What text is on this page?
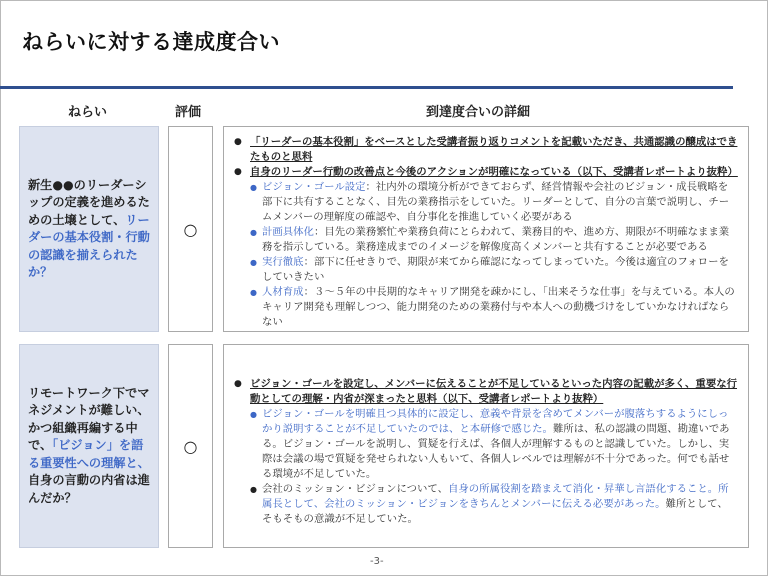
ねらいに対する達成度合い
ねらい	評価	到達度合いの詳細
新生●●のリーダーシップの定義を進めるための土壌として、リーダーの基本役割・行動の認識を揃えられたか？
○
● 「リーダーの基本役割」をベースとした受講者振り返りコメントを記載いただき、共通認識の醸成はできたものと思料
● 自身のリーダー行動の改善点と今後のアクションが明確になっている（以下、受講者レポートより抜粋）
● ビジョン・ゴール設定：社内外の環境分析ができておらず、経営情報や会社のビジョン・成長戦略を部下に共有することなく、目先の業務指示をしていた。リーダーとして、自分の言葉で説明し、チームメンバーの理解度の確認や、自分事化を推進していく必要がある
● 計画具体化：目先の業務繁忙や業務負荷にとらわれて、業務目的や、進め方、期限が不明確なまま業務を指示している。業務達成までのイメージを解像度高くメンバーと共有することが必要である
● 実行徹底：部下に任せきりで、期限が来てから確認になってしまっていた。今後は適宜のフォローをしていきたい
● 人材育成：３～５年の中長期的なキャリア開発を疎かにし、「出来そうな仕事」を与えている。本人のキャリア開発も理解しつつ、能力開発のための業務付与や本人への動機づけをしていかなければならない
リモートワーク下でマネジメントが難しい、かつ組織再編する中で、「ビジョン」を語る重要性への理解と、自身の言動の内省は進んだか？
○
● ビジョン・ゴールを設定し、メンバーに伝えることが不足しているといった内容の記載が多く、重要な行動としての理解・内省が深まったと思料（以下、受講者レポートより抜粋）
● ビジョン・ゴールを明確且つ具体的に設定し、意義や背景を含めてメンバーが腹落ちするようにしっかり説明することが不足していたのでは、と本研修で感じた。難所は、私の認識の問題、勘違いである。ビジョン・ゴールを説明し、質疑を行えば、各個人が理解するものと認識していた。しかし、実際は会議の場で質疑を発せられない人もいて、各個人レベルでは理解が不十分であった。何でも話せる環境が不足していた。
● 会社のミッション・ビジョンについて、自身の所属役割を踏まえて消化・昇華し言語化すること。所属長として、会社のミッション・ビジョンをきちんとメンバーに伝える必要があった。難所として、そもそもの意識が不足していた。
-3-
